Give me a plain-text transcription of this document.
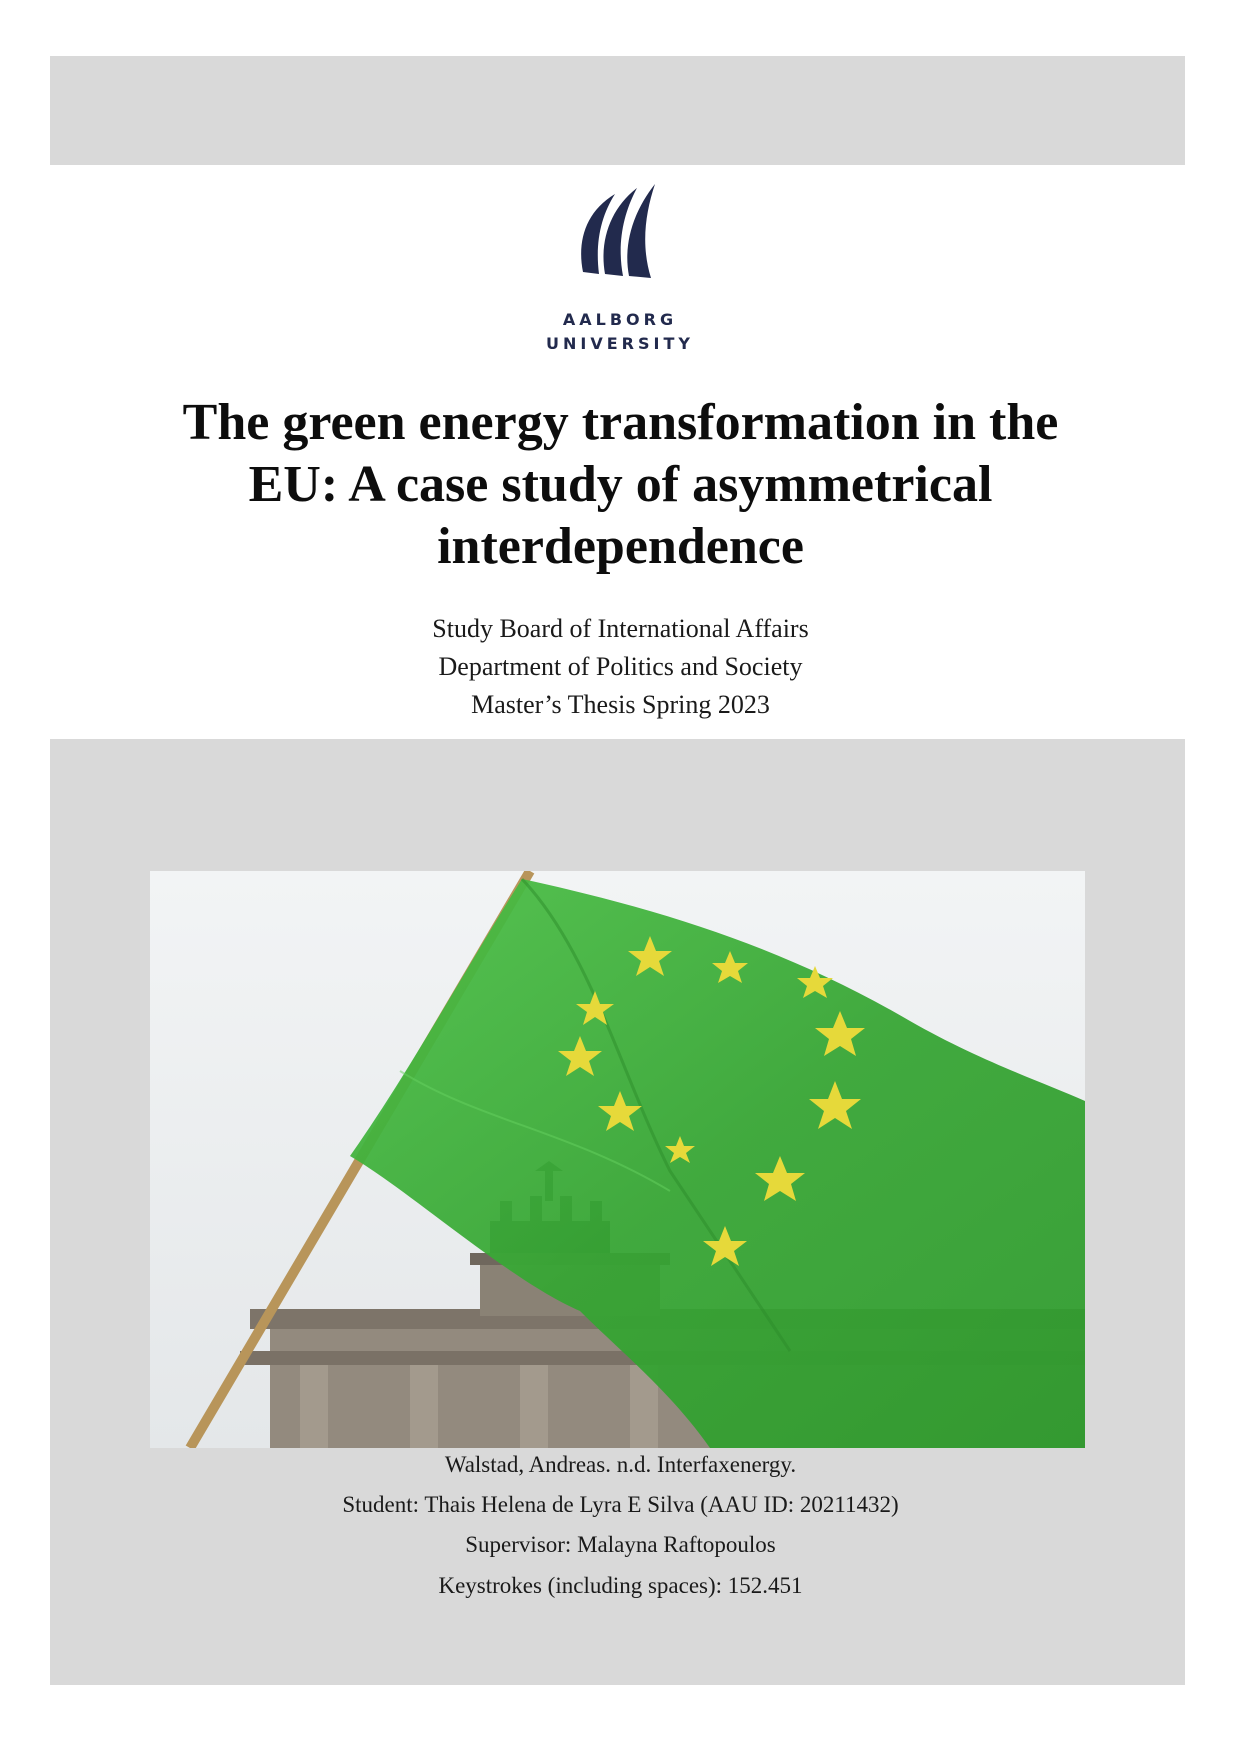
AALBORG
UNIVERSITY
The green energy transformation in the EU: A case study of asymmetrical interdependence
Study Board of International Affairs
Department of Politics and Society
Master’s Thesis Spring 2023
Walstad, Andreas. n.d. Interfaxenergy.
Student: Thais Helena de Lyra E Silva (AAU ID: 20211432)
Supervisor: Malayna Raftopoulos
Keystrokes (including spaces): 152.451
